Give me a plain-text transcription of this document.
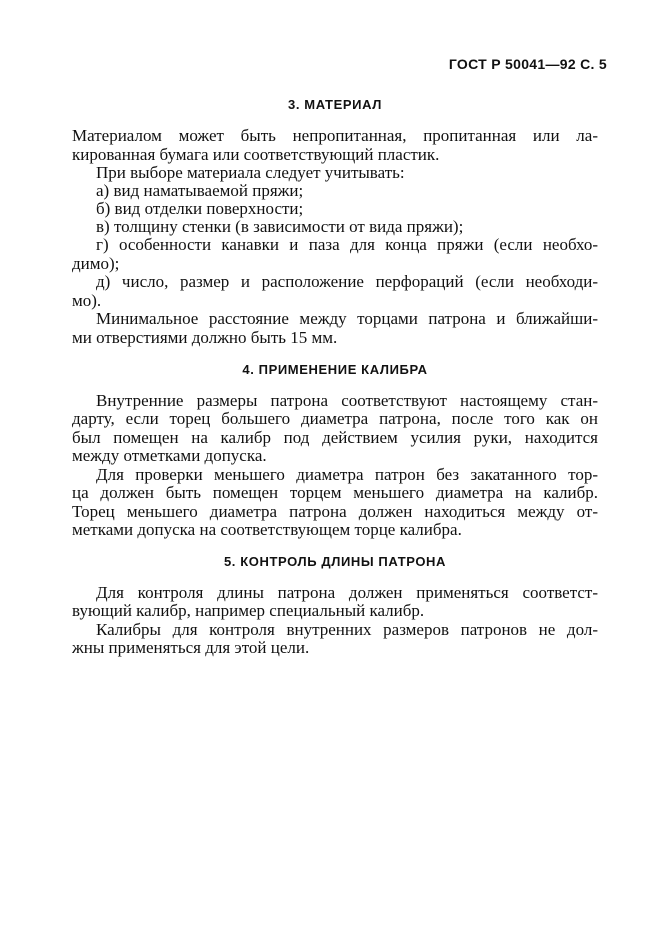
ГОСТ Р 50041—92 С. 5
3. МАТЕРИАЛ
Материалом может быть непропитанная, пропитанная или ла-
кированная бумага или соответствующий пластик.
При выборе материала следует учитывать:
а) вид наматываемой пряжи;
б) вид отделки поверхности;
в) толщину стенки (в зависимости от вида пряжи);
г) особенности канавки и паза для конца пряжи (если необхо-
димо);
д) число, размер и расположение перфораций (если необходи-
мо).
Минимальное расстояние между торцами патрона и ближайши-
ми отверстиями должно быть 15 мм.
4. ПРИМЕНЕНИЕ КАЛИБРА
Внутренние размеры патрона соответствуют настоящему стан-
дарту, если торец большего диаметра патрона, после того как он
был помещен на калибр под действием усилия руки, находится
между отметками допуска.
Для проверки меньшего диаметра патрон без закатанного тор-
ца должен быть помещен торцем меньшего диаметра на калибр.
Торец меньшего диаметра патрона должен находиться между от-
метками допуска на соответствующем торце калибра.
5. КОНТРОЛЬ ДЛИНЫ ПАТРОНА
Для контроля длины патрона должен применяться соответст-
вующий калибр, например специальный калибр.
Калибры для контроля внутренних размеров патронов не дол-
жны применяться для этой цели.
